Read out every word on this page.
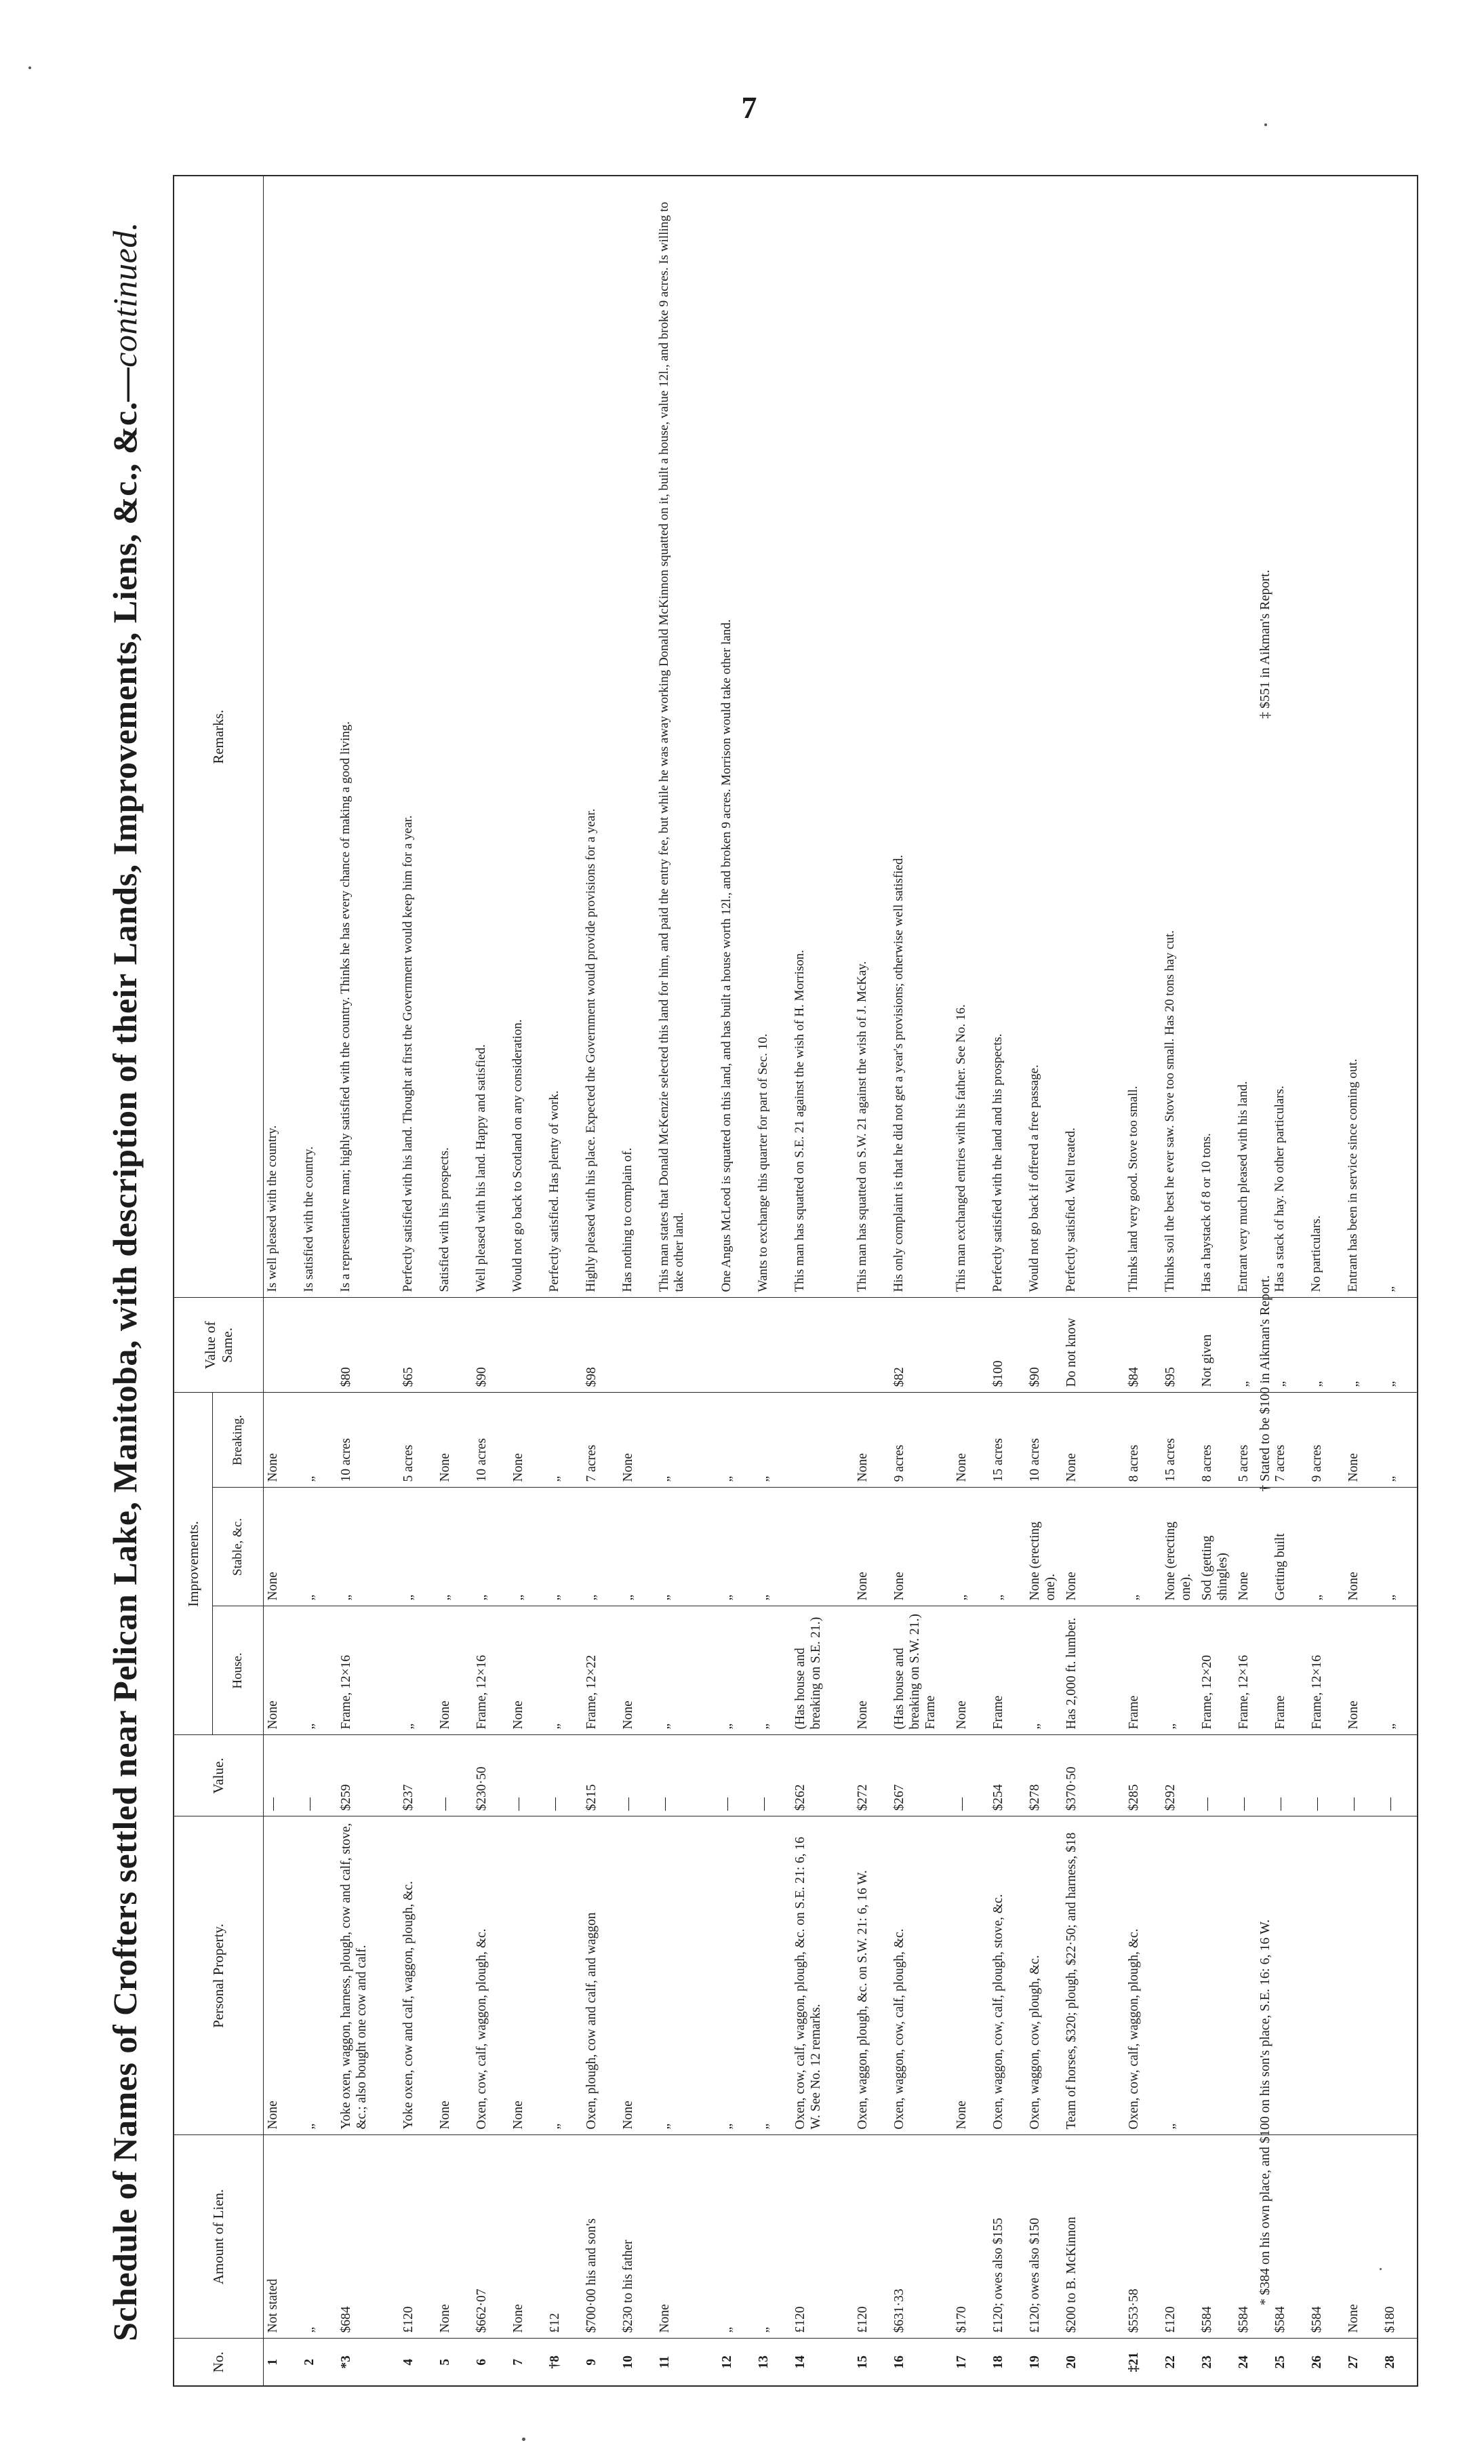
7
Schedule of Names of Crofters settled near Pelican Lake, Manitoba, with description of their Lands, Improvements, Liens, &c., &c.—continued.
No.	Amount of Lien.	Personal Property.	Value.	Improvements.			Value of Same.	Remarks.
				House.	Stable, &c.	Breaking.		
1	Not stated	None	—	None	None	None		Is well pleased with the country.
2	„	„	—	„	„	„		Is satisfied with the country.
*3	$684	Yoke oxen, waggon, harness, plough, cow and calf, stove, &c.; also bought one cow and calf.	$259	Frame, 12×16	„	10 acres	$80	Is a representative man; highly satisfied with the country. Thinks he has every chance of making a good living.
4	£120	Yoke oxen, cow and calf, waggon, plough, &c.	$237	„	„	5 acres	$65	Perfectly satisfied with his land. Thought at first the Government would keep him for a year.
5	None	None	—	None	„	None		Satisfied with his prospects.
6	$662·07	Oxen, cow, calf, waggon, plough, &c.	$230·50	Frame, 12×16	„	10 acres	$90	Well pleased with his land. Happy and satisfied.
7	None	None	—	None	„	None		Would not go back to Scotland on any consideration.
†8	£12	„	—	„	„	„		Perfectly satisfied. Has plenty of work.
9	$700·00 his and son's	Oxen, plough, cow and calf, and waggon	$215	Frame, 12×22	„	7 acres	$98	Highly pleased with his place. Expected the Government would provide provisions for a year.
10	$230 to his father	None	—	None	„	None		Has nothing to complain of.
11	None	„	—	„	„	„		This man states that Donald McKenzie selected this land for him, and paid the entry fee, but while he was away working Donald McKinnon squatted on it, built a house, value 12l., and broke 9 acres. Is willing to take other land.
12	„	„	—	„	„	„		One Angus McLeod is squatted on this land, and has built a house worth 12l., and broken 9 acres. Morrison would take other land.
13	„	„	—	„	„	„		Wants to exchange this quarter for part of Sec. 10.
14	£120	Oxen, cow, calf, waggon, plough, &c. on S.E. 21: 6, 16 W. See No. 12 remarks.	$262	(Has house and breaking on S.E. 21.)				This man has squatted on S.E. 21 against the wish of H. Morrison.
15	£120	Oxen, waggon, plough, &c. on S.W. 21: 6, 16 W.	$272	None	None	None		This man has squatted on S.W. 21 against the wish of J. McKay.
16	$631·33	Oxen, waggon, cow, calf, plough, &c.	$267	(Has house and breaking on S.W. 21.) Frame	None	9 acres	$82	His only complaint is that he did not get a year's provisions; otherwise well satisfied.
17	$170	None	—	None	„	None		This man exchanged entries with his father. See No. 16.
18	£120; owes also $155	Oxen, waggon, cow, calf, plough, stove, &c.	$254	Frame	„	15 acres	$100	Perfectly satisfied with the land and his prospects.
19	£120; owes also $150	Oxen, waggon, cow, plough, &c.	$278	„	None (erecting one).	10 acres	$90	Would not go back if offered a free passage.
20	$200 to B. McKinnon	Team of horses, $320; plough, $22·50; and harness, $18	$370·50	Has 2,000 ft. lumber.	None	None	Do not know	Perfectly satisfied. Well treated.
‡21	$553·58	Oxen, cow, calf, waggon, plough, &c.	$285	Frame	„	8 acres	$84	Thinks land very good. Stove too small.
22	£120	„	$292	„	None (erecting one).	15 acres	$95	Thinks soil the best he ever saw. Stove too small. Has 20 tons hay cut.
23	$584		—	Frame, 12×20	Sod (getting shingles)	8 acres	Not given	Has a haystack of 8 or 10 tons.
24	$584		—	Frame, 12×16	None	5 acres	„	Entrant very much pleased with his land.
25	$584		—	Frame	Getting built	7 acres	„	Has a stack of hay. No other particulars.
26	$584		—	Frame, 12×16	„	9 acres	„	No particulars.
27	None		—	None	None	None	„	Entrant has been in service since coming out.
28	$180		—	„	„	„	„	„
* $384 on his own place, and $100 on his son's place, S.E. 16: 6, 16 W.
† Stated to be $100 in Aikman's Report.
‡ $551 in Aikman's Report.
